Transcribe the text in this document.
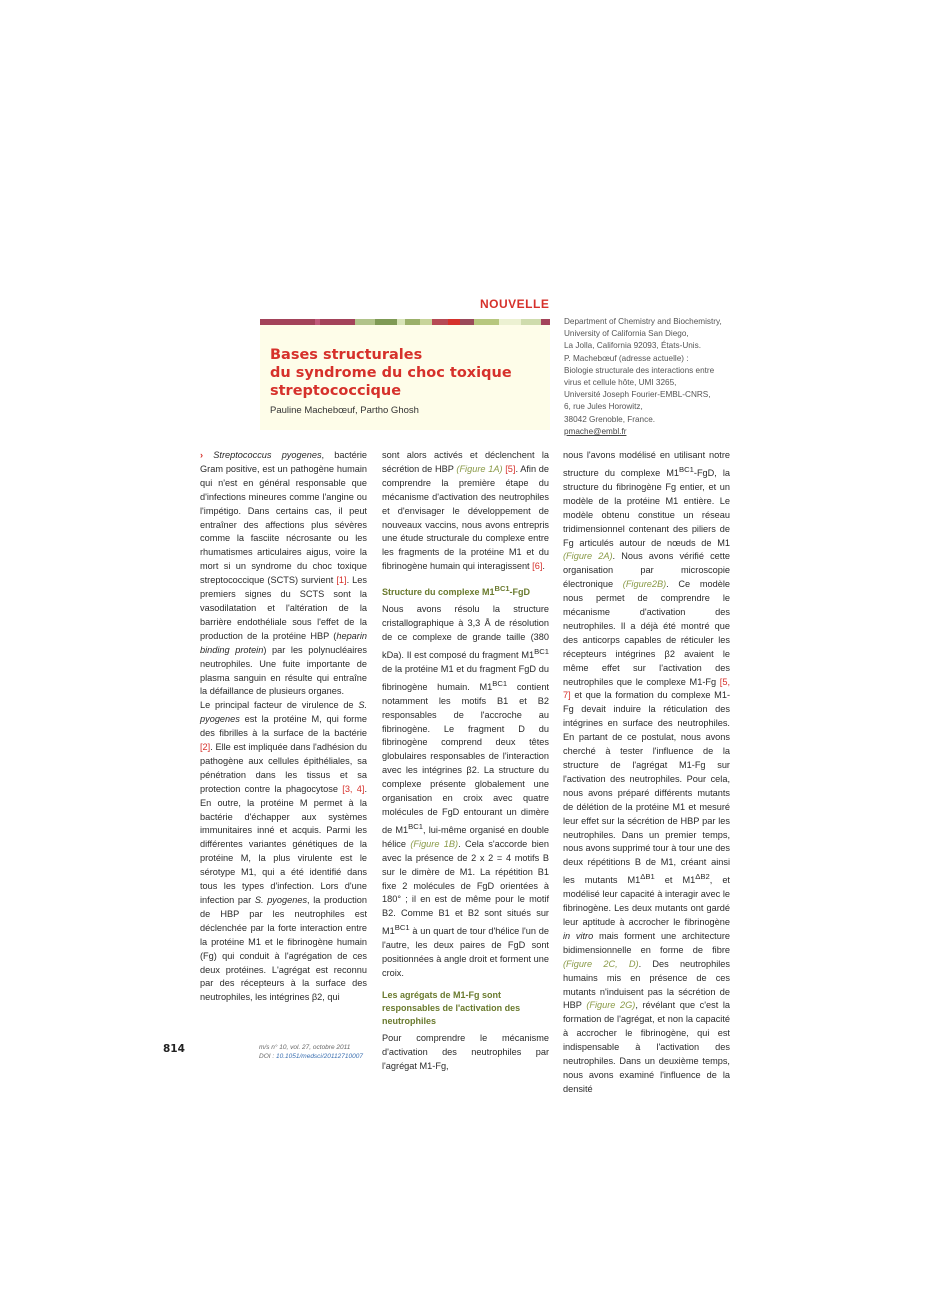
NOUVELLE
Bases structurales
du syndrome du choc toxique
streptococcique
Pauline Machebœuf, Partho Ghosh
Department of Chemistry and Biochemistry,
University of California San Diego,
La Jolla, California 92093, États-Unis.
P. Machebœuf (adresse actuelle) :
Biologie structurale des interactions entre
virus et cellule hôte, UMI 3265,
Université Joseph Fourier-EMBL-CNRS,
6, rue Jules Horowitz,
38042 Grenoble, France.
pmache@embl.fr

› Streptococcus pyogenes, bactérie Gram positive, est un pathogène humain qui n'est en général responsable que d'infections mineures comme l'angine ou l'impétigo. Dans certains cas, il peut entraîner des affections plus sévères comme la fasciite nécrosante ou les rhumatismes articulaires aigus, voire la mort si un syndrome du choc toxique streptococcique (SCTS) survient [1]. Les premiers signes du SCTS sont la vasodilatation et l'altération de la barrière endothéliale sous l'effet de la production de la protéine HBP (heparin binding protein) par les polynucléaires neutrophiles. Une fuite importante de plasma sanguin en résulte qui entraîne la défaillance de plusieurs organes.

Le principal facteur de virulence de S. pyogenes est la protéine M, qui forme des fibrilles à la surface de la bactérie [2]. Elle est impliquée dans l'adhésion du pathogène aux cellules épithéliales, sa pénétration dans les tissus et sa protection contre la phagocytose [3, 4]. En outre, la protéine M permet à la bactérie d'échapper aux systèmes immunitaires inné et acquis. Parmi les différentes variantes génétiques de la protéine M, la plus virulente est le sérotype M1, qui a été identifié dans tous les types d'infection. Lors d'une infection par S. pyogenes, la production de HBP par les neutrophiles est déclenchée par la forte interaction entre la protéine M1 et le fibrinogène humain (Fg) qui conduit à l'agrégation de ces deux protéines. L'agrégat est reconnu par des récepteurs à la surface des neutrophiles, les intégrines β2, qui

sont alors activés et déclenchent la sécrétion de HBP (Figure 1A) [5]. Afin de comprendre la première étape du mécanisme d'activation des neutrophiles et d'envisager le développement de nouveaux vaccins, nous avons entrepris une étude structurale du complexe entre les fragments de la protéine M1 et du fibrinogène humain qui interagissent [6].

Structure du complexe $M1^{BC1}$-FgD

Nous avons résolu la structure cristallographique à 3,3 Å de résolution de ce complexe de grande taille (380 kDa). Il est composé du fragment $M1^{BC1}$ de la protéine M1 et du fragment FgD du fibrinogène humain. $M1^{BC1}$ contient notamment les motifs B1 et B2 responsables de l'accroche au fibrinogène. Le fragment D du fibrinogène comprend deux têtes globulaires responsables de l'interaction avec les intégrines β2. La structure du complexe présente globalement une organisation en croix avec quatre molécules de FgD entourant un dimère de $M1^{BC1}$, lui-même organisé en double hélice (Figure 1B). Cela s'accorde bien avec la présence de 2 x 2 = 4 motifs B sur le dimère de M1. La répétition B1 fixe 2 molécules de FgD orientées à 180° ; il en est de même pour le motif B2. Comme B1 et B2 sont situés sur $M1^{BC1}$ à un quart de tour d'hélice l'un de l'autre, les deux paires de FgD sont positionnées à angle droit et forment une croix.

Les agrégats de M1-Fg sont responsables de l'activation des neutrophiles

Pour comprendre le mécanisme d'activation des neutrophiles par l'agrégat M1-Fg,

nous l'avons modélisé en utilisant notre structure du complexe $M1^{BC1}$-FgD, la structure du fibrinogène Fg entier, et un modèle de la protéine M1 entière. Le modèle obtenu constitue un réseau tridimensionnel contenant des piliers de Fg articulés autour de nœuds de M1 (Figure 2A). Nous avons vérifié cette organisation par microscopie électronique (Figure2B). Ce modèle nous permet de comprendre le mécanisme d'activation des neutrophiles. Il a déjà été montré que des anticorps capables de réticuler les récepteurs intégrines β2 avaient le même effet sur l'activation des neutrophiles que le complexe M1-Fg [5, 7] et que la formation du complexe M1-Fg devait induire la réticulation des intégrines en surface des neutrophiles. En partant de ce postulat, nous avons cherché à tester l'influence de la structure de l'agrégat M1-Fg sur l'activation des neutrophiles. Pour cela, nous avons préparé différents mutants de délétion de la protéine M1 et mesuré leur effet sur la sécrétion de HBP par les neutrophiles. Dans un premier temps, nous avons supprimé tour à tour une des deux répétitions B de M1, créant ainsi les mutants $M1^{\Delta B1}$ et $M1^{\Delta B2}$, et modélisé leur capacité à interagir avec le fibrinogène. Les deux mutants ont gardé leur aptitude à accrocher le fibrinogène in vitro mais forment une architecture bidimensionnelle en forme de fibre (Figure 2C, D). Des neutrophiles humains mis en présence de ces mutants n'induisent pas la sécrétion de HBP (Figure 2G), révélant que c'est la formation de l'agrégat, et non la capacité à accrocher le fibrinogène, qui est indispensable à l'activation des neutrophiles. Dans un deuxième temps, nous avons examiné l'influence de la densité

814	m/s n° 10, vol. 27, octobre 2011
DOI : 10.1051/medsci/20112710007
